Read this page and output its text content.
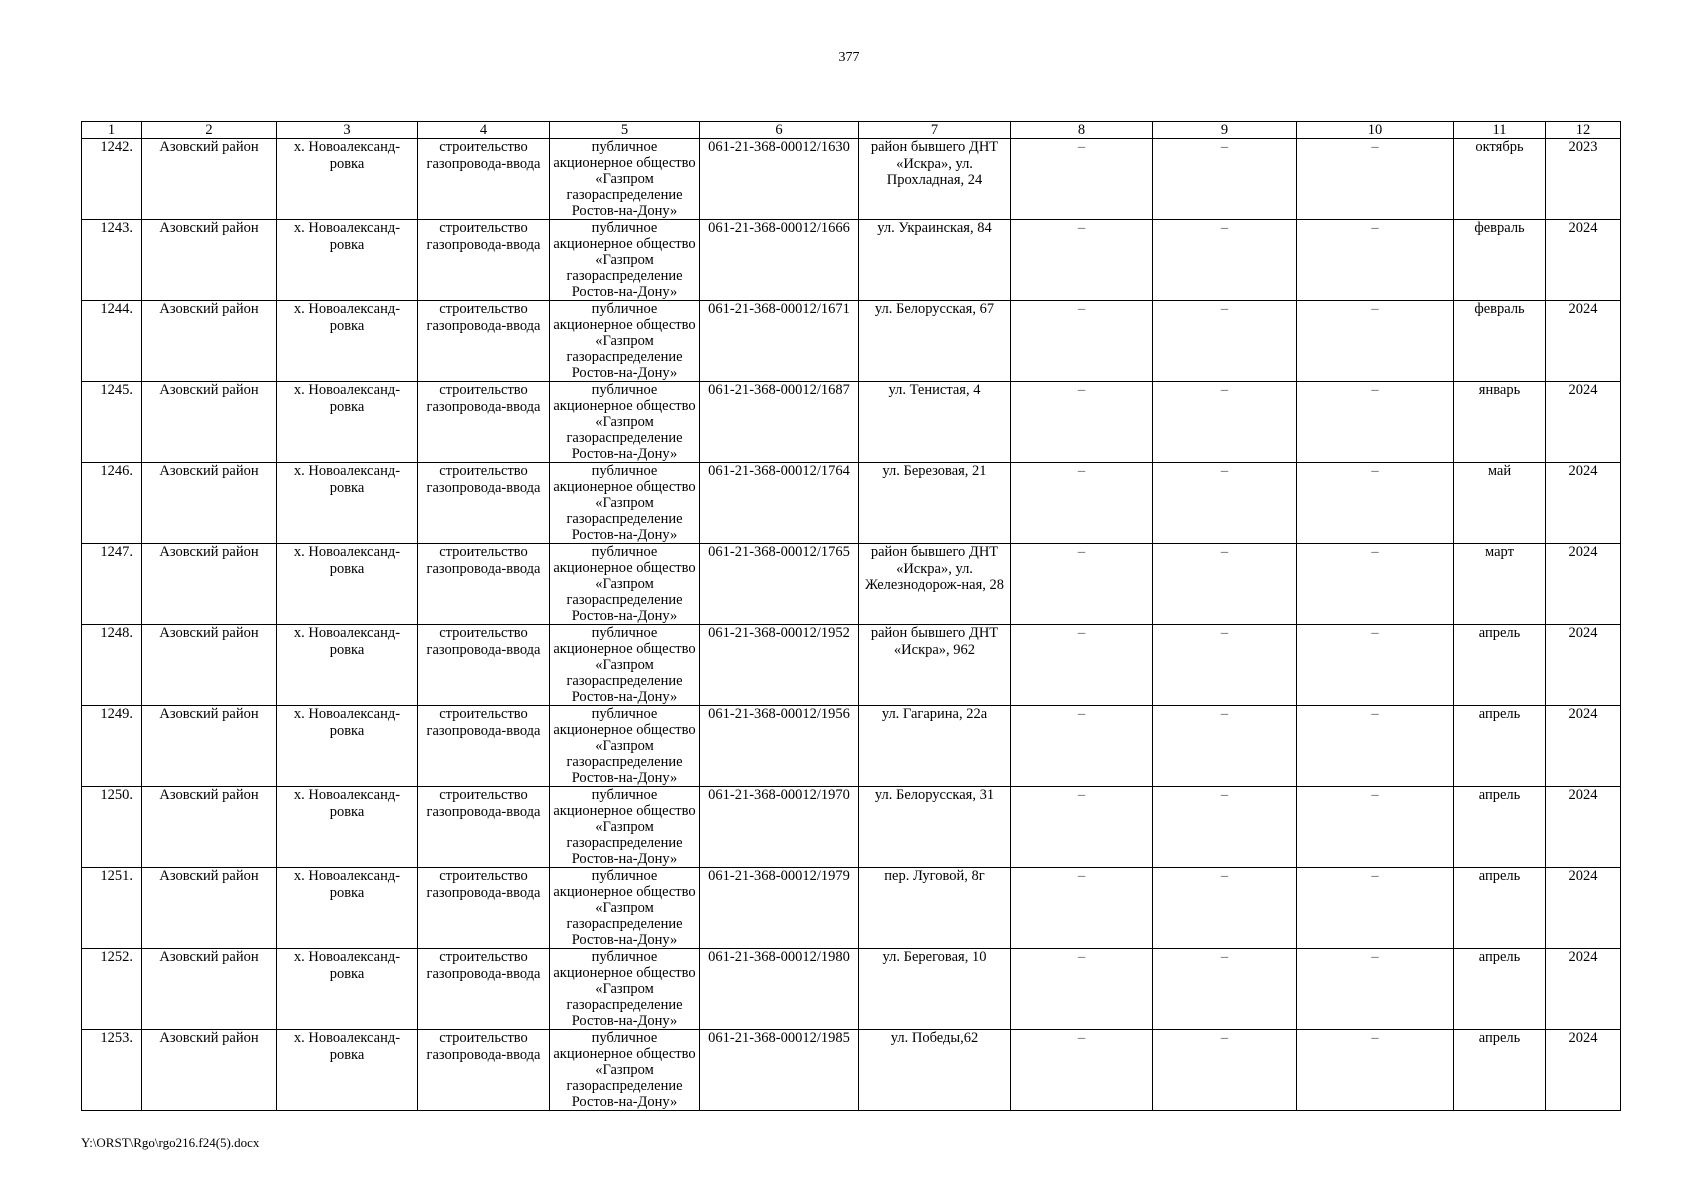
377
1	2	3	4	5	6	7	8	9	10	11	12
1242.	Азовский район	х. Новоалександ-ровка	строительство газопровода-ввода	публичное акционерное общество «Газпром газораспределение Ростов-на-Дону»	061-21-368-00012/1630	район бывшего ДНТ «Искра», ул. Прохладная, 24	–	–	–	октябрь	2023
1243.	Азовский район	х. Новоалександ-ровка	строительство газопровода-ввода	публичное акционерное общество «Газпром газораспределение Ростов-на-Дону»	061-21-368-00012/1666	ул. Украинская, 84	–	–	–	февраль	2024
1244.	Азовский район	х. Новоалександ-ровка	строительство газопровода-ввода	публичное акционерное общество «Газпром газораспределение Ростов-на-Дону»	061-21-368-00012/1671	ул. Белорусская, 67	–	–	–	февраль	2024
1245.	Азовский район	х. Новоалександ-ровка	строительство газопровода-ввода	публичное акционерное общество «Газпром газораспределение Ростов-на-Дону»	061-21-368-00012/1687	ул. Тенистая, 4	–	–	–	январь	2024
1246.	Азовский район	х. Новоалександ-ровка	строительство газопровода-ввода	публичное акционерное общество «Газпром газораспределение Ростов-на-Дону»	061-21-368-00012/1764	ул. Березовая, 21	–	–	–	май	2024
1247.	Азовский район	х. Новоалександ-ровка	строительство газопровода-ввода	публичное акционерное общество «Газпром газораспределение Ростов-на-Дону»	061-21-368-00012/1765	район бывшего ДНТ «Искра», ул. Железнодорож-ная, 28	–	–	–	март	2024
1248.	Азовский район	х. Новоалександ-ровка	строительство газопровода-ввода	публичное акционерное общество «Газпром газораспределение Ростов-на-Дону»	061-21-368-00012/1952	район бывшего ДНТ «Искра», 962	–	–	–	апрель	2024
1249.	Азовский район	х. Новоалександ-ровка	строительство газопровода-ввода	публичное акционерное общество «Газпром газораспределение Ростов-на-Дону»	061-21-368-00012/1956	ул. Гагарина, 22а	–	–	–	апрель	2024
1250.	Азовский район	х. Новоалександ-ровка	строительство газопровода-ввода	публичное акционерное общество «Газпром газораспределение Ростов-на-Дону»	061-21-368-00012/1970	ул. Белорусская, 31	–	–	–	апрель	2024
1251.	Азовский район	х. Новоалександ-ровка	строительство газопровода-ввода	публичное акционерное общество «Газпром газораспределение Ростов-на-Дону»	061-21-368-00012/1979	пер. Луговой, 8г	–	–	–	апрель	2024
1252.	Азовский район	х. Новоалександ-ровка	строительство газопровода-ввода	публичное акционерное общество «Газпром газораспределение Ростов-на-Дону»	061-21-368-00012/1980	ул. Береговая, 10	–	–	–	апрель	2024
1253.	Азовский район	х. Новоалександ-ровка	строительство газопровода-ввода	публичное акционерное общество «Газпром газораспределение Ростов-на-Дону»	061-21-368-00012/1985	ул. Победы,62	–	–	–	апрель	2024
Y:\ORST\Rgo\rgo216.f24(5).docx
